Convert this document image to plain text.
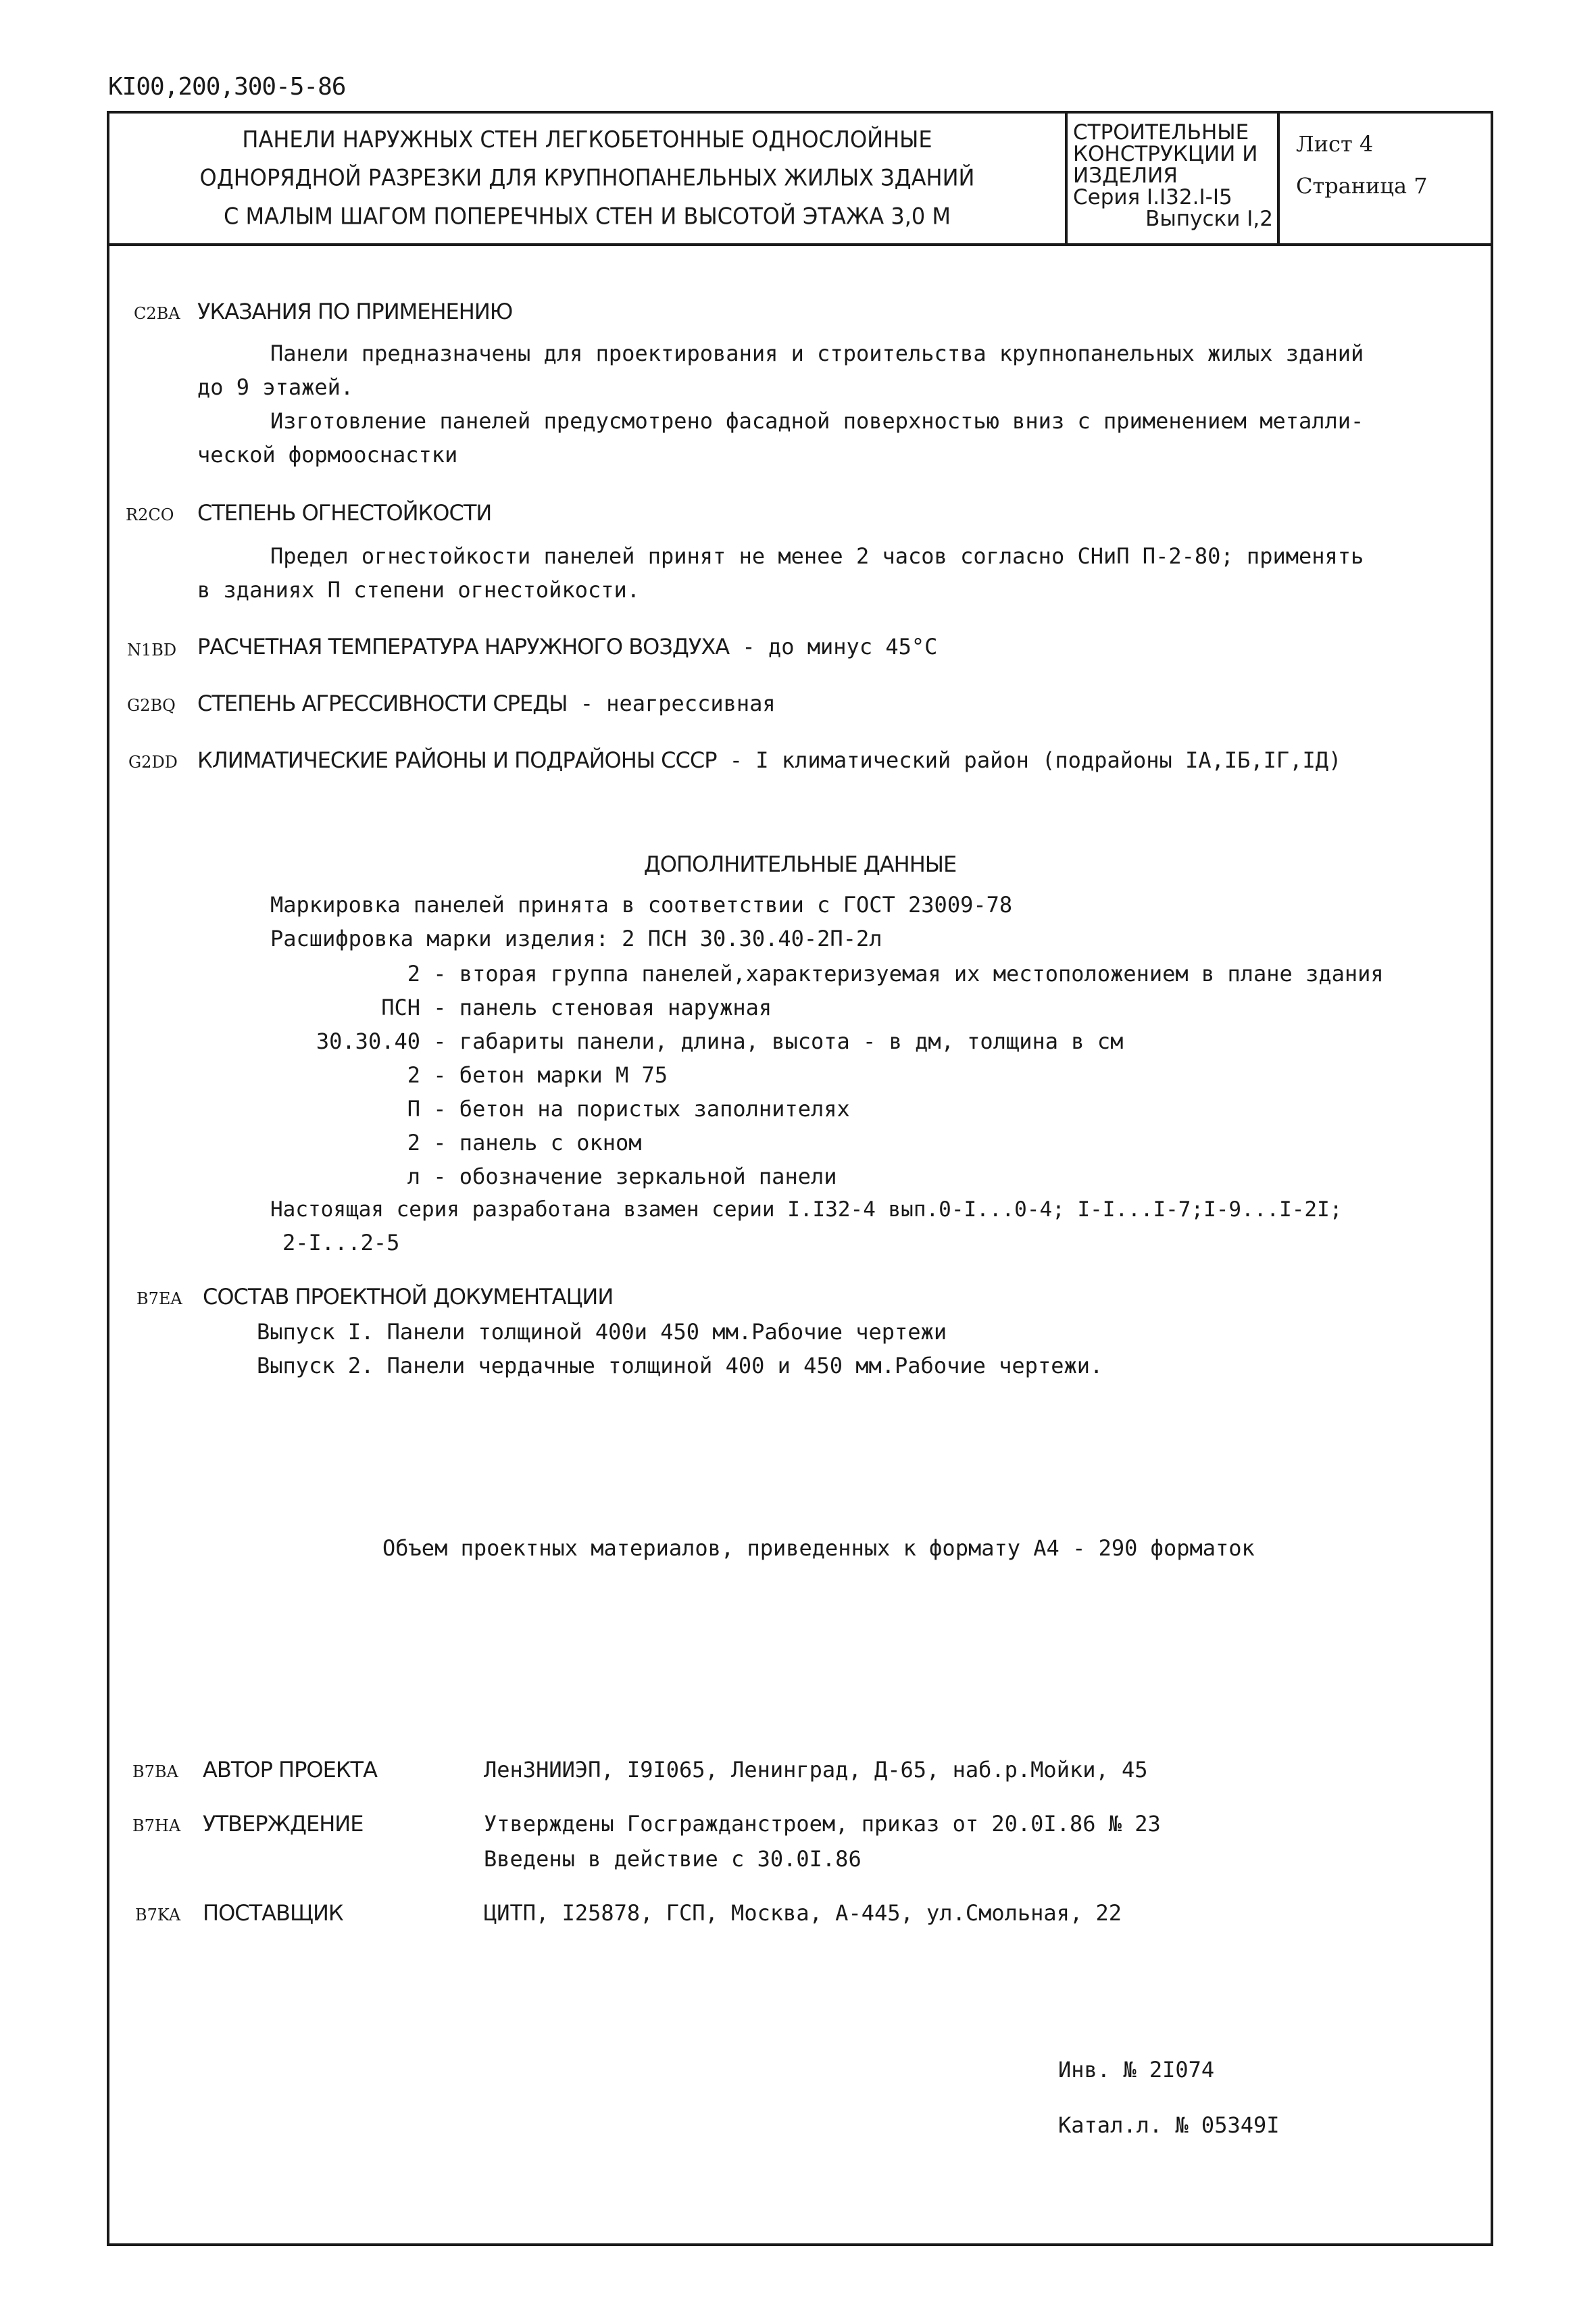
КI00,200,300-5-86
ПАНЕЛИ НАРУЖНЫХ СТЕН ЛЕГКОБЕТОННЫЕ ОДНОСЛОЙНЫЕ
ОДНОРЯДНОЙ РАЗРЕЗКИ ДЛЯ КРУПНОПАНЕЛЬНЫХ ЖИЛЫХ ЗДАНИЙ
С МАЛЫМ ШАГОМ ПОПЕРЕЧНЫХ СТЕН И ВЫСОТОЙ ЭТАЖА 3,0 М
СТРОИТЕЛЬНЫЕ
КОНСТРУКЦИИ И
ИЗДЕЛИЯ
Серия I.I32.I-I5
Выпуски I,2
Лист 4
Страница 7
C2BA УКАЗАНИЯ ПО ПРИМЕНЕНИЮ
Панели предназначены для проектирования и строительства крупнопанельных жилых зданий
до 9 этажей.
Изготовление панелей предусмотрено фасадной поверхностью вниз с применением металли-
ческой формооснастки
R2CO СТЕПЕНЬ ОГНЕСТОЙКОСТИ
Предел огнестойкости панелей принят не менее 2 часов согласно СНиП П-2-80; применять
в зданиях П степени огнестойкости.
N1BD РАСЧЕТНАЯ ТЕМПЕРАТУРА НАРУЖНОГО ВОЗДУХА - до минус 45°С
G2BQ СТЕПЕНЬ АГРЕССИВНОСТИ СРЕДЫ - неагрессивная
G2DD КЛИМАТИЧЕСКИЕ РАЙОНЫ И ПОДРАЙОНЫ СССР - I климатический район (подрайоны IА,IБ,IГ,IД)
ДОПОЛНИТЕЛЬНЫЕ ДАННЫЕ
Маркировка панелей принята в соответствии с ГОСТ 23009-78
Расшифровка марки изделия: 2 ПСН 30.30.40-2П-2л
2 - вторая группа панелей,характеризуемая их местоположением в плане здания
ПСН - панель стеновая наружная
30.30.40 - габариты панели, длина, высота - в дм, толщина в см
2 - бетон марки М 75
П - бетон на пористых заполнителях
2 - панель с окном
л - обозначение зеркальной панели
Настоящая серия разработана взамен серии I.I32-4 вып.0-I...0-4; I-I...I-7;I-9...I-2I;
2-I...2-5
B7EA СОСТАВ ПРОЕКТНОЙ ДОКУМЕНТАЦИИ
Выпуск I. Панели толщиной 400и 450 мм.Рабочие чертежи
Выпуск 2. Панели чердачные толщиной 400 и 450 мм.Рабочие чертежи.
Объем проектных материалов, приведенных к формату А4 - 290 форматок
B7BA АВТОР ПРОЕКТА	ЛенЗНИИЭП, I9I065, Ленинград, Д-65, наб.р.Мойки, 45
B7HA УТВЕРЖДЕНИЕ	Утверждены Госгражданстроем, приказ от 20.0I.86 № 23
Введены в действие с 30.0I.86
B7KA ПОСТАВЩИК	ЦИТП, I25878, ГСП, Москва, А-445, ул.Смольная, 22
Инв. № 2I074
Катал.л. № 05349I
